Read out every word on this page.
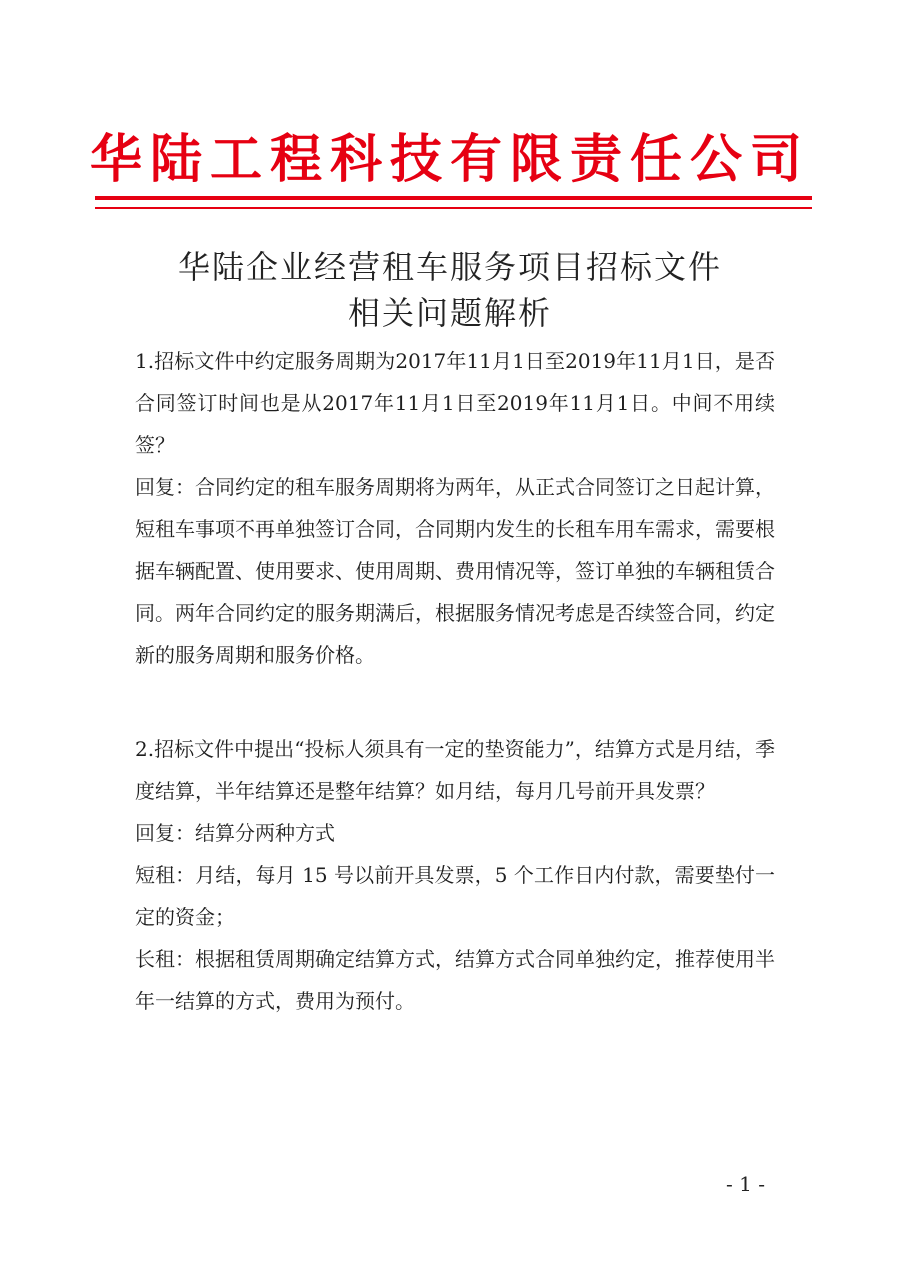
华陆工程科技有限责任公司
华陆企业经营租车服务项目招标文件
相关问题解析

1.招标文件中约定服务周期为2017年11月1日至2019年11月1日，是否合同签订时间也是从2017年11月1日至2019年11月1日。中间不用续签？

回复：合同约定的租车服务周期将为两年，从正式合同签订之日起计算，短租车事项不再单独签订合同，合同期内发生的长租车用车需求，需要根据车辆配置、使用要求、使用周期、费用情况等，签订单独的车辆租赁合同。两年合同约定的服务期满后，根据服务情况考虑是否续签合同，约定新的服务周期和服务价格。

2.招标文件中提出“投标人须具有一定的垫资能力”，结算方式是月结，季度结算，半年结算还是整年结算？如月结，每月几号前开具发票？

回复：结算分两种方式

短租：月结，每月 15 号以前开具发票，5 个工作日内付款，需要垫付一定的资金；

长租：根据租赁周期确定结算方式，结算方式合同单独约定，推荐使用半年一结算的方式，费用为预付。

- 1 -
